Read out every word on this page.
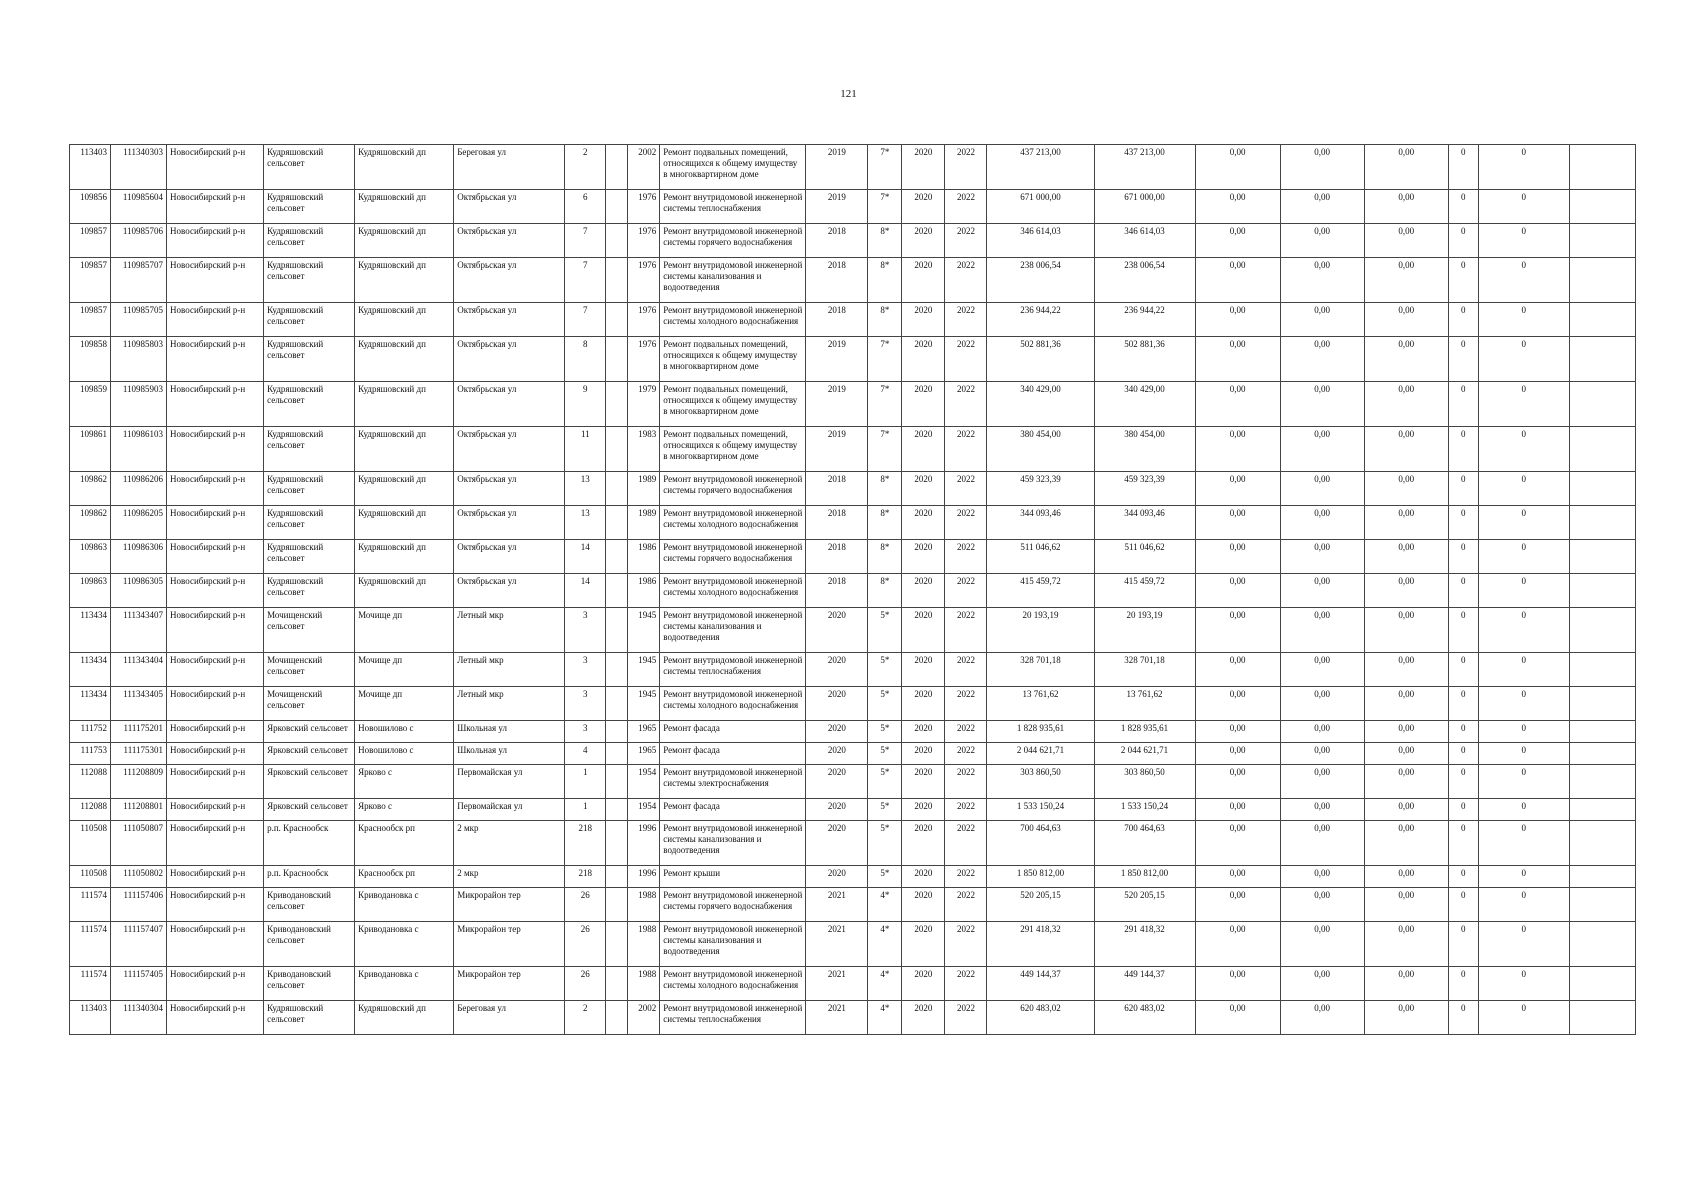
121
113403	111340303	Новосибирский р-н	Кудряшовский сельсовет	Кудряшовский дп	Береговая ул	2		2002	Ремонт подвальных помещений, относящихся к общему имуществу в многоквартирном доме	2019	7*	2020	2022	437 213,00	437 213,00	0,00	0,00	0,00	0	0	
109856	110985604	Новосибирский р-н	Кудряшовский сельсовет	Кудряшовский дп	Октябрьская ул	6		1976	Ремонт внутридомовой инженерной системы теплоснабжения	2019	7*	2020	2022	671 000,00	671 000,00	0,00	0,00	0,00	0	0	
109857	110985706	Новосибирский р-н	Кудряшовский сельсовет	Кудряшовский дп	Октябрьская ул	7		1976	Ремонт внутридомовой инженерной системы горячего водоснабжения	2018	8*	2020	2022	346 614,03	346 614,03	0,00	0,00	0,00	0	0	
109857	110985707	Новосибирский р-н	Кудряшовский сельсовет	Кудряшовский дп	Октябрьская ул	7		1976	Ремонт внутридомовой инженерной системы канализования и водоотведения	2018	8*	2020	2022	238 006,54	238 006,54	0,00	0,00	0,00	0	0	
109857	110985705	Новосибирский р-н	Кудряшовский сельсовет	Кудряшовский дп	Октябрьская ул	7		1976	Ремонт внутридомовой инженерной системы холодного водоснабжения	2018	8*	2020	2022	236 944,22	236 944,22	0,00	0,00	0,00	0	0	
109858	110985803	Новосибирский р-н	Кудряшовский сельсовет	Кудряшовский дп	Октябрьская ул	8		1976	Ремонт подвальных помещений, относящихся к общему имуществу в многоквартирном доме	2019	7*	2020	2022	502 881,36	502 881,36	0,00	0,00	0,00	0	0	
109859	110985903	Новосибирский р-н	Кудряшовский сельсовет	Кудряшовский дп	Октябрьская ул	9		1979	Ремонт подвальных помещений, относящихся к общему имуществу в многоквартирном доме	2019	7*	2020	2022	340 429,00	340 429,00	0,00	0,00	0,00	0	0	
109861	110986103	Новосибирский р-н	Кудряшовский сельсовет	Кудряшовский дп	Октябрьская ул	11		1983	Ремонт подвальных помещений, относящихся к общему имуществу в многоквартирном доме	2019	7*	2020	2022	380 454,00	380 454,00	0,00	0,00	0,00	0	0	
109862	110986206	Новосибирский р-н	Кудряшовский сельсовет	Кудряшовский дп	Октябрьская ул	13		1989	Ремонт внутридомовой инженерной системы горячего водоснабжения	2018	8*	2020	2022	459 323,39	459 323,39	0,00	0,00	0,00	0	0	
109862	110986205	Новосибирский р-н	Кудряшовский сельсовет	Кудряшовский дп	Октябрьская ул	13		1989	Ремонт внутридомовой инженерной системы холодного водоснабжения	2018	8*	2020	2022	344 093,46	344 093,46	0,00	0,00	0,00	0	0	
109863	110986306	Новосибирский р-н	Кудряшовский сельсовет	Кудряшовский дп	Октябрьская ул	14		1986	Ремонт внутридомовой инженерной системы горячего водоснабжения	2018	8*	2020	2022	511 046,62	511 046,62	0,00	0,00	0,00	0	0	
109863	110986305	Новосибирский р-н	Кудряшовский сельсовет	Кудряшовский дп	Октябрьская ул	14		1986	Ремонт внутридомовой инженерной системы холодного водоснабжения	2018	8*	2020	2022	415 459,72	415 459,72	0,00	0,00	0,00	0	0	
113434	111343407	Новосибирский р-н	Мочищенский сельсовет	Мочище дп	Летный мкр	3		1945	Ремонт внутридомовой инженерной системы канализования и водоотведения	2020	5*	2020	2022	20 193,19	20 193,19	0,00	0,00	0,00	0	0	
113434	111343404	Новосибирский р-н	Мочищенский сельсовет	Мочище дп	Летный мкр	3		1945	Ремонт внутридомовой инженерной системы теплоснабжения	2020	5*	2020	2022	328 701,18	328 701,18	0,00	0,00	0,00	0	0	
113434	111343405	Новосибирский р-н	Мочищенский сельсовет	Мочище дп	Летный мкр	3		1945	Ремонт внутридомовой инженерной системы холодного водоснабжения	2020	5*	2020	2022	13 761,62	13 761,62	0,00	0,00	0,00	0	0	
111752	111175201	Новосибирский р-н	Ярковский сельсовет	Новошилово с	Школьная ул	3		1965	Ремонт фасада	2020	5*	2020	2022	1 828 935,61	1 828 935,61	0,00	0,00	0,00	0	0	
111753	111175301	Новосибирский р-н	Ярковский сельсовет	Новошилово с	Школьная ул	4		1965	Ремонт фасада	2020	5*	2020	2022	2 044 621,71	2 044 621,71	0,00	0,00	0,00	0	0	
112088	111208809	Новосибирский р-н	Ярковский сельсовет	Ярково с	Первомайская ул	1		1954	Ремонт внутридомовой инженерной системы электроснабжения	2020	5*	2020	2022	303 860,50	303 860,50	0,00	0,00	0,00	0	0	
112088	111208801	Новосибирский р-н	Ярковский сельсовет	Ярково с	Первомайская ул	1		1954	Ремонт фасада	2020	5*	2020	2022	1 533 150,24	1 533 150,24	0,00	0,00	0,00	0	0	
110508	111050807	Новосибирский р-н	р.п. Краснообск	Краснообск рп	2 мкр	218		1996	Ремонт внутридомовой инженерной системы канализования и водоотведения	2020	5*	2020	2022	700 464,63	700 464,63	0,00	0,00	0,00	0	0	
110508	111050802	Новосибирский р-н	р.п. Краснообск	Краснообск рп	2 мкр	218		1996	Ремонт крыши	2020	5*	2020	2022	1 850 812,00	1 850 812,00	0,00	0,00	0,00	0	0	
111574	111157406	Новосибирский р-н	Криводановский сельсовет	Криводановка с	Микрорайон тер	26		1988	Ремонт внутридомовой инженерной системы горячего водоснабжения	2021	4*	2020	2022	520 205,15	520 205,15	0,00	0,00	0,00	0	0	
111574	111157407	Новосибирский р-н	Криводановский сельсовет	Криводановка с	Микрорайон тер	26		1988	Ремонт внутридомовой инженерной системы канализования и водоотведения	2021	4*	2020	2022	291 418,32	291 418,32	0,00	0,00	0,00	0	0	
111574	111157405	Новосибирский р-н	Криводановский сельсовет	Криводановка с	Микрорайон тер	26		1988	Ремонт внутридомовой инженерной системы холодного водоснабжения	2021	4*	2020	2022	449 144,37	449 144,37	0,00	0,00	0,00	0	0	
113403	111340304	Новосибирский р-н	Кудряшовский сельсовет	Кудряшовский дп	Береговая ул	2		2002	Ремонт внутридомовой инженерной системы теплоснабжения	2021	4*	2020	2022	620 483,02	620 483,02	0,00	0,00	0,00	0	0	
